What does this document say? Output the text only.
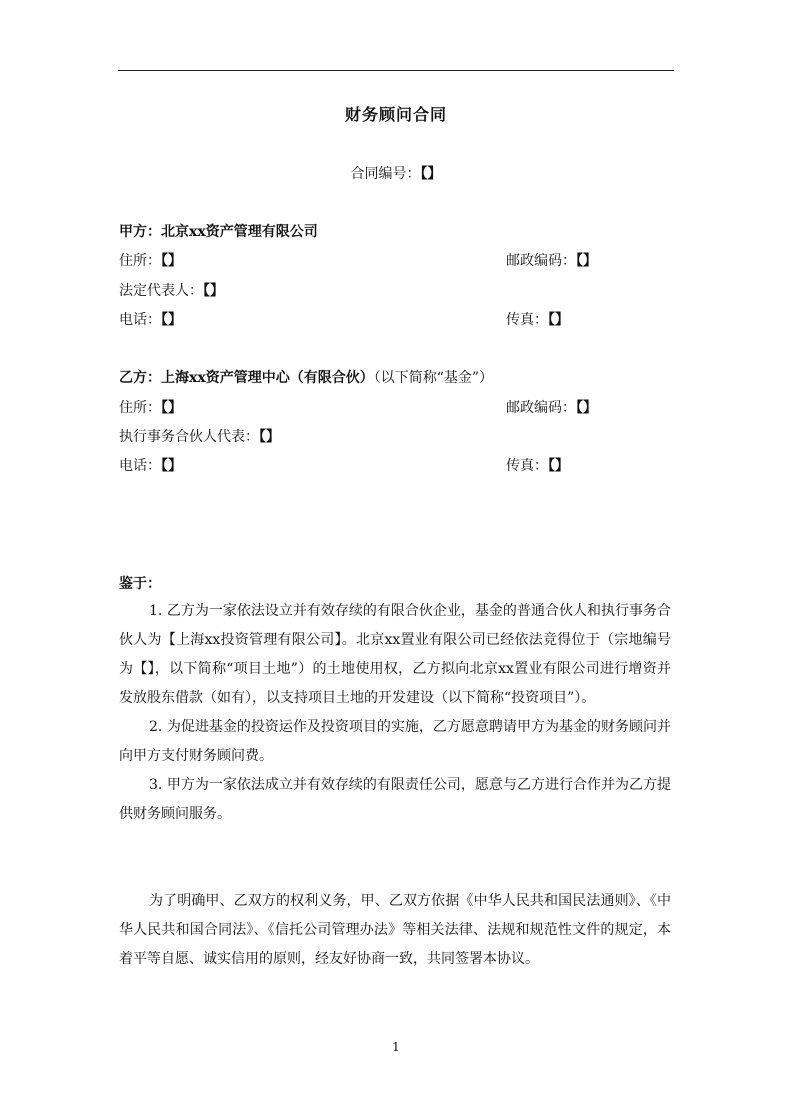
财务顾问合同
合同编号：【】
甲方：北京xx资产管理有限公司
住所：【】	邮政编码：【】
法定代表人：【】
电话：【】	传真：【】
乙方：上海xx资产管理中心（有限合伙）（以下简称“基金”）
住所：【】	邮政编码：【】
执行事务合伙人代表：【】
电话：【】	传真：【】
鉴于：

1. 乙方为一家依法设立并有效存续的有限合伙企业，基金的普通合伙人和执行事务合伙人为【上海xx投资管理有限公司】。北京xx置业有限公司已经依法竞得位于（宗地编号为【】，以下简称“项目土地”）的土地使用权，乙方拟向北京xx置业有限公司进行增资并发放股东借款（如有），以支持项目土地的开发建设（以下简称“投资项目”）。

2. 为促进基金的投资运作及投资项目的实施，乙方愿意聘请甲方为基金的财务顾问并向甲方支付财务顾问费。

3. 甲方为一家依法成立并有效存续的有限责任公司，愿意与乙方进行合作并为乙方提供财务顾问服务。

为了明确甲、乙双方的权利义务，甲、乙双方依据《中华人民共和国民法通则》、《中华人民共和国合同法》、《信托公司管理办法》等相关法律、法规和规范性文件的规定，本着平等自愿、诚实信用的原则，经友好协商一致，共同签署本协议。

1
